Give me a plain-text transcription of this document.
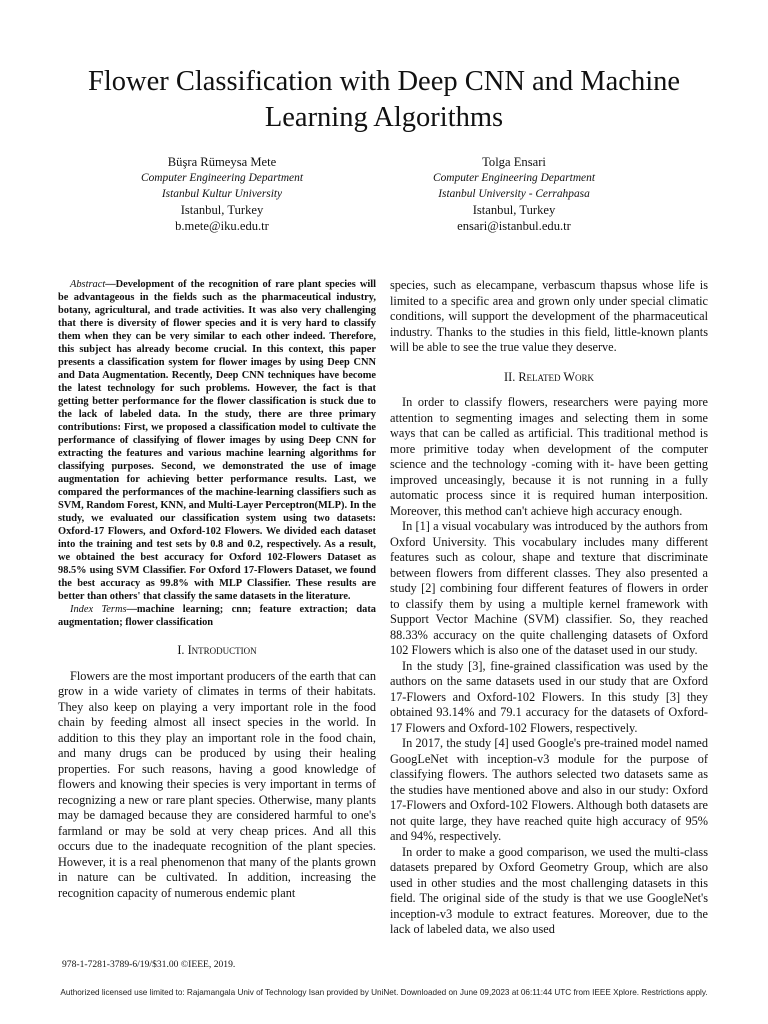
Flower Classification with Deep CNN and Machine Learning Algorithms
Büşra Rümeysa Mete
Computer Engineering Department
Istanbul Kultur University
Istanbul, Turkey
b.mete@iku.edu.tr
Tolga Ensari
Computer Engineering Department
Istanbul University - Cerrahpasa
Istanbul, Turkey
ensari@istanbul.edu.tr

Abstract—Development of the recognition of rare plant species will be advantageous in the fields such as the pharmaceutical industry, botany, agricultural, and trade activities. It was also very challenging that there is diversity of flower species and it is very hard to classify them when they can be very similar to each other indeed. Therefore, this subject has already become crucial. In this context, this paper presents a classification system for flower images by using Deep CNN and Data Augmentation. Recently, Deep CNN techniques have become the latest technology for such problems. However, the fact is that getting better performance for the flower classification is stuck due to the lack of labeled data. In the study, there are three primary contributions: First, we proposed a classification model to cultivate the performance of classifying of flower images by using Deep CNN for extracting the features and various machine learning algorithms for classifying purposes. Second, we demonstrated the use of image augmentation for achieving better performance results. Last, we compared the performances of the machine-learning classifiers such as SVM, Random Forest, KNN, and Multi-Layer Perceptron(MLP). In the study, we evaluated our classification system using two datasets: Oxford-17 Flowers, and Oxford-102 Flowers. We divided each dataset into the training and test sets by 0.8 and 0.2, respectively. As a result, we obtained the best accuracy for Oxford 102-Flowers Dataset as 98.5% using SVM Classifier. For Oxford 17-Flowers Dataset, we found the best accuracy as 99.8% with MLP Classifier. These results are better than others' that classify the same datasets in the literature.

Index Terms—machine learning; cnn; feature extraction; data augmentation; flower classification

I. Introduction

Flowers are the most important producers of the earth that can grow in a wide variety of climates in terms of their habitats. They also keep on playing a very important role in the food chain by feeding almost all insect species in the world. In addition to this they play an important role in the food chain, and many drugs can be produced by using their healing properties. For such reasons, having a good knowledge of flowers and knowing their species is very important in terms of recognizing a new or rare plant species. Otherwise, many plants may be damaged because they are considered harmful to one's farmland or may be sold at very cheap prices. And all this occurs due to the inadequate recognition of the plant species. However, it is a real phenomenon that many of the plants grown in nature can be cultivated. In addition, increasing the recognition capacity of numerous endemic plant

species, such as elecampane, verbascum thapsus whose life is limited to a specific area and grown only under special climatic conditions, will support the development of the pharmaceutical industry. Thanks to the studies in this field, little-known plants will be able to see the true value they deserve.

II. Related Work

In order to classify flowers, researchers were paying more attention to segmenting images and selecting them in some ways that can be called as artificial. This traditional method is more primitive today when development of the computer science and the technology -coming with it- have been getting improved unceasingly, because it is not running in a fully automatic process since it is required human interposition. Moreover, this method can't achieve high accuracy enough.

In [1] a visual vocabulary was introduced by the authors from Oxford University. This vocabulary includes many different features such as colour, shape and texture that discriminate between flowers from different classes. They also presented a study [2] combining four different features of flowers in order to classify them by using a multiple kernel framework with Support Vector Machine (SVM) classifier. So, they reached 88.33% accuracy on the quite challenging datasets of Oxford 102 Flowers which is also one of the dataset used in our study.

In the study [3], fine-grained classification was used by the authors on the same datasets used in our study that are Oxford 17-Flowers and Oxford-102 Flowers. In this study [3] they obtained 93.14% and 79.1 accuracy for the datasets of Oxford-17 Flowers and Oxford-102 Flowers, respectively.

In 2017, the study [4] used Google's pre-trained model named GoogLeNet with inception-v3 module for the purpose of classifying flowers. The authors selected two datasets same as the studies have mentioned above and also in our study: Oxford 17-Flowers and Oxford-102 Flowers. Although both datasets are not quite large, they have reached quite high accuracy of 95% and 94%, respectively.

In order to make a good comparison, we used the multi-class datasets prepared by Oxford Geometry Group, which are also used in other studies and the most challenging datasets in this field. The original side of the study is that we use GoogleNet's inception-v3 module to extract features. Moreover, due to the lack of labeled data, we also used

978-1-7281-3789-6/19/$31.00 ©IEEE, 2019.
Authorized licensed use limited to: Rajamangala Univ of Technology Isan provided by UniNet. Downloaded on June 09,2023 at 06:11:44 UTC from IEEE Xplore. Restrictions apply.
